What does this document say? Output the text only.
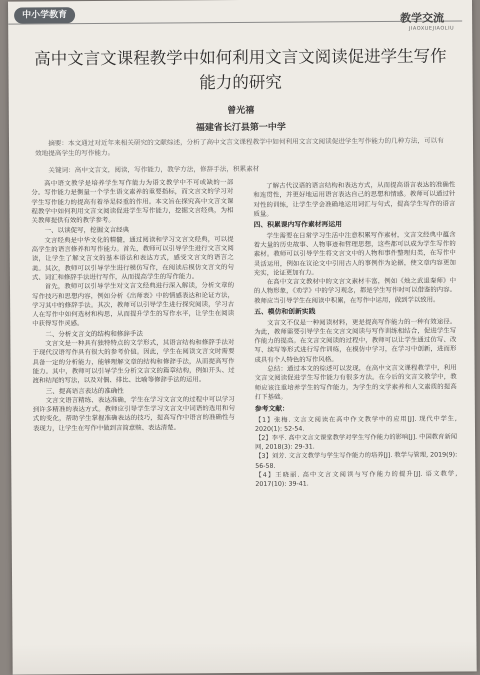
中小学教育	教学交流
JIAOXUEJIAOLIU
高中文言文课程教学中如何利用文言文阅读促进学生写作能力的研究
曾光禧
福建省长汀县第一中学
摘要：本文通过对近年来相关研究的文献综述，分析了高中文言文课程教学中如何利用文言文阅读促进学生写作能力的几种方法，可以有效地提高学生的写作能力。
关键词：高中文言文，阅读，写作能力，教学方法，修辞手法，积累素材

高中语文教学是培养学生写作能力为语文教学中不可或缺的一部分。写作能力是衡量一个学生语文素养的重要指标，而文言文的学习对学生写作能力的提高有着举足轻重的作用。本文旨在探究高中文言文课程教学中如何利用文言文阅读促进学生写作能力，挖掘文言经典，为相关教师提供有效的教学参考。

一、以读促写，挖掘文言经典

文言经典是中华文化的精髓，通过阅读和学习文言文经典，可以提高学生的语言修养和写作能力。首先，教师可以引导学生进行文言文阅读，让学生了解文言文的基本语法和表达方式，感受文言文的语言之美。其次，教师可以引导学生进行模仿写作，在阅读后模仿文言文的句式、词汇和修辞手法进行写作，从而提高学生的写作能力。

首先，教师可以引导学生对文言文经典进行深入解读，分析文章的写作技巧和思想内容，例如分析《出师表》中的情感表达和论证方法，学习其中的修辞手法。其次，教师可以引导学生进行探究阅读，学习古人在写作中如何选材和构思，从而提升学生的写作水平，让学生在阅读中获得写作灵感。

二、分析文言文的结构和修辞手法

文言文是一种具有独特特点的文学形式，其语言结构和修辞手法对于现代汉语写作具有很大的参考价值。因此，学生在阅读文言文时需要具备一定的分析能力，能够理解文章的结构和修辞手法，从而提高写作能力。其中，教师可以引导学生分析文言文的篇章结构，例如开头、过渡和结尾的写法，以及对偶、排比、比喻等修辞手法的运用。

三、提高语言表达的准确性

文言文语言精练、表达准确，学生在学习文言文的过程中可以学习到许多精准的表达方式。教师应引导学生学习文言文中词语的选用和句式的变化，帮助学生掌握准确表达的技巧，提高写作中语言的准确性与表现力，让学生在写作中做到言简意赅、表达清楚。

了解古代汉语的语言结构和表达方式，从而提高语言表达的准确性和连贯性，并更好地运用语言表达自己的思想和情感。教师可以通过针对性的训练，让学生学会准确地运用词汇与句式，提高学生写作的语言质量。

四、积累课内写作素材再运用

学生需要在日常学习生活中注意积累写作素材，文言文经典中蕴含着大量的历史故事、人物事迹和哲理思想，这些都可以成为学生写作的素材。教师可以引导学生将文言文中的人物和事件整理归类，在写作中灵活运用，例如在议论文中引用古人的事例作为论据，使文章内容更加充实，论证更加有力。

在高中文言文教材中的文言文素材丰富，例如《烛之武退秦师》中的人物形象，《劝学》中的学习观念，都是学生写作时可以借鉴的内容。教师应当引导学生在阅读中积累，在写作中运用，做到学以致用。

五、模仿和创新实践

文言文不仅是一种阅读材料，更是提高写作能力的一种有效途径。为此，教师需要引导学生在文言文阅读与写作训练相结合，促进学生写作能力的提高。在文言文阅读的过程中，教师可以让学生通过仿写、改写、续写等形式进行写作训练，在模仿中学习，在学习中创新，进而形成具有个人特色的写作风格。

总结：通过本文的综述可以发现，在高中文言文课程教学中，利用文言文阅读促进学生写作能力有很多方法。在今后的文言文教学中，教师应该注重培养学生的写作能力，为学生的文学素养和人文素质的提高打下基础。

参考文献：

【1】张梅. 文言文阅读在高中作文教学中的应用[J]. 现代中学生, 2020(1): 52-54.

【2】李平. 高中文言文课堂教学对学生写作能力的影响[J]. 中国教育新闻网, 2018(3): 29-31.

【3】刘芳. 文言文教学与学生写作能力的培养[J]. 教学与管理, 2019(9): 56-58.

【4】王晓丽. 高中文言文阅读与写作能力的提升[J]. 语文教学, 2017(10): 39-41.
